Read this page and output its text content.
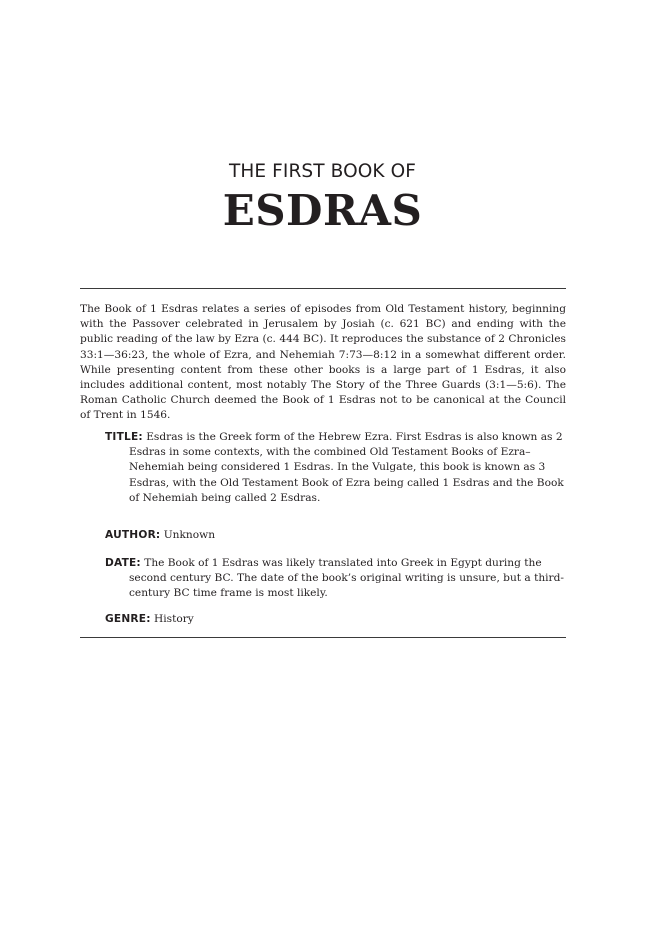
THE FIRST BOOK OF
ESDRAS

The Book of 1 Esdras relates a series of episodes from Old Testament history, beginning with the Passover celebrated in Jerusalem by Josiah (c. 621 BC) and ending with the public reading of the law by Ezra (c. 444 BC). It reproduces the substance of 2 Chronicles 33:1—36:23, the whole of Ezra, and Nehemiah 7:73—8:12 in a somewhat different order. While presenting content from these other books is a large part of 1 Esdras, it also includes additional content, most notably The Story of the Three Guards (3:1—5:6). The Roman Catholic Church deemed the Book of 1 Esdras not to be canonical at the Council of Trent in 1546.

TITLE: Esdras is the Greek form of the Hebrew Ezra. First Esdras is also known as 2 Esdras in some contexts, with the combined Old Testament Books of Ezra–Nehemiah being considered 1 Esdras. In the Vulgate, this book is known as 3 Esdras, with the Old Testament Book of Ezra being called 1 Esdras and the Book of Nehemiah being called 2 Esdras.

AUTHOR: Unknown

DATE: The Book of 1 Esdras was likely translated into Greek in Egypt during the second century BC. The date of the book’s original writing is unsure, but a third-century BC time frame is most likely.

GENRE: History
